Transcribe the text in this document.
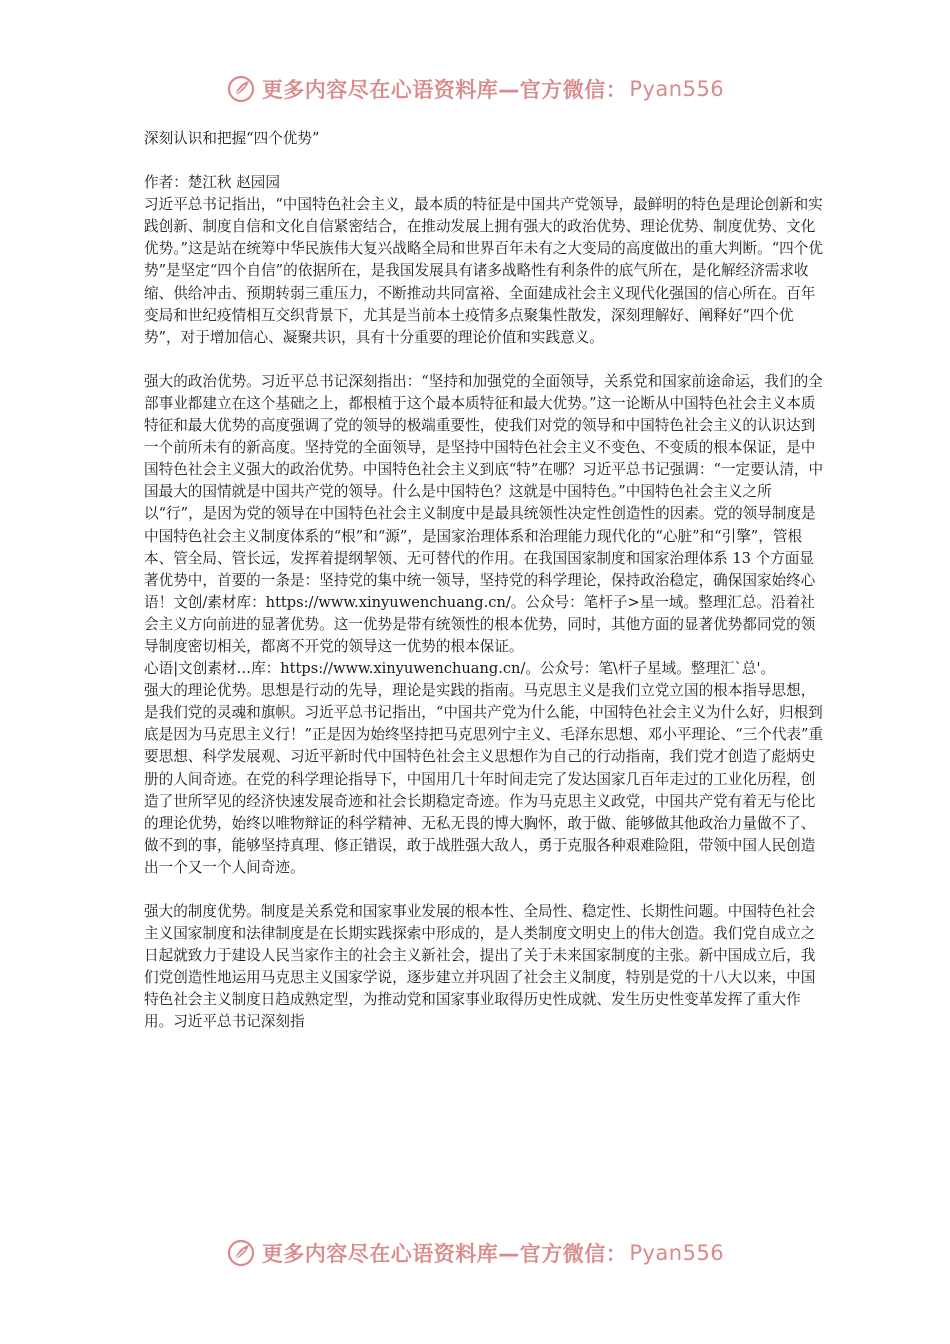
更多内容尽在心语资料库—官方微信： Pyan556

深刻认识和把握“四个优势”

作者：楚江秋 赵园园

习近平总书记指出，“中国特色社会主义，最本质的特征是中国共产党领导，最鲜明的特色是理论创新和实践创新、制度自信和文化自信紧密结合，在推动发展上拥有强大的政治优势、理论优势、制度优势、文化优势。”这是站在统筹中华民族伟大复兴战略全局和世界百年未有之大变局的高度做出的重大判断。“四个优势”是坚定“四个自信”的依据所在，是我国发展具有诸多战略性有利条件的底气所在，是化解经济需求收缩、供给冲击、预期转弱三重压力，不断推动共同富裕、全面建成社会主义现代化强国的信心所在。百年变局和世纪疫情相互交织背景下，尤其是当前本土疫情多点聚集性散发，深刻理解好、阐释好“四个优势”，对于增加信心、凝聚共识，具有十分重要的理论价值和实践意义。

强大的政治优势。习近平总书记深刻指出：“坚持和加强党的全面领导，关系党和国家前途命运，我们的全部事业都建立在这个基础之上，都根植于这个最本质特征和最大优势。”这一论断从中国特色社会主义本质特征和最大优势的高度强调了党的领导的极端重要性，使我们对党的领导和中国特色社会主义的认识达到一个前所未有的新高度。坚持党的全面领导，是坚持中国特色社会主义不变色、不变质的根本保证，是中国特色社会主义强大的政治优势。中国特色社会主义到底“特”在哪？习近平总书记强调：“一定要认清，中国最大的国情就是中国共产党的领导。什么是中国特色？这就是中国特色。”中国特色社会主义之所以“行”，是因为党的领导在中国特色社会主义制度中是最具统领性决定性创造性的因素。党的领导制度是中国特色社会主义制度体系的“根”和“源”，是国家治理体系和治理能力现代化的“心脏”和“引擎”，管根本、管全局、管长远，发挥着提纲挈领、无可替代的作用。在我国国家制度和国家治理体系 13 个方面显著优势中，首要的一条是：坚持党的集中统一领导，坚持党的科学理论，保持政治稳定，确保国家始终心语！文创/素材库：https://www.xinyuwenchuang.cn/。公众号：笔杆子>星一域。整理汇总。沿着社会主义方向前进的显著优势。这一优势是带有统领性的根本优势，同时，其他方面的显著优势都同党的领导制度密切相关，都离不开党的领导这一优势的根本保证。

心语|文创素材…库：https://www.xinyuwenchuang.cn/。公众号：笔\杆子星域。整理汇`总'。

强大的理论优势。思想是行动的先导，理论是实践的指南。马克思主义是我们立党立国的根本指导思想，是我们党的灵魂和旗帜。习近平总书记指出，“中国共产党为什么能，中国特色社会主义为什么好，归根到底是因为马克思主义行！”正是因为始终坚持把马克思列宁主义、毛泽东思想、邓小平理论、“三个代表”重要思想、科学发展观、习近平新时代中国特色社会主义思想作为自己的行动指南，我们党才创造了彪炳史册的人间奇迹。在党的科学理论指导下，中国用几十年时间走完了发达国家几百年走过的工业化历程，创造了世所罕见的经济快速发展奇迹和社会长期稳定奇迹。作为马克思主义政党，中国共产党有着无与伦比的理论优势，始终以唯物辩证的科学精神、无私无畏的博大胸怀，敢于做、能够做其他政治力量做不了、做不到的事，能够坚持真理、修正错误，敢于战胜强大敌人，勇于克服各种艰难险阻，带领中国人民创造出一个又一个人间奇迹。

强大的制度优势。制度是关系党和国家事业发展的根本性、全局性、稳定性、长期性问题。中国特色社会主义国家制度和法律制度是在长期实践探索中形成的，是人类制度文明史上的伟大创造。我们党自成立之日起就致力于建设人民当家作主的社会主义新社会，提出了关于未来国家制度的主张。新中国成立后，我们党创造性地运用马克思主义国家学说，逐步建立并巩固了社会主义制度，特别是党的十八大以来，中国特色社会主义制度日趋成熟定型，为推动党和国家事业取得历史性成就、发生历史性变革发挥了重大作用。习近平总书记深刻指

更多内容尽在心语资料库—官方微信： Pyan556
